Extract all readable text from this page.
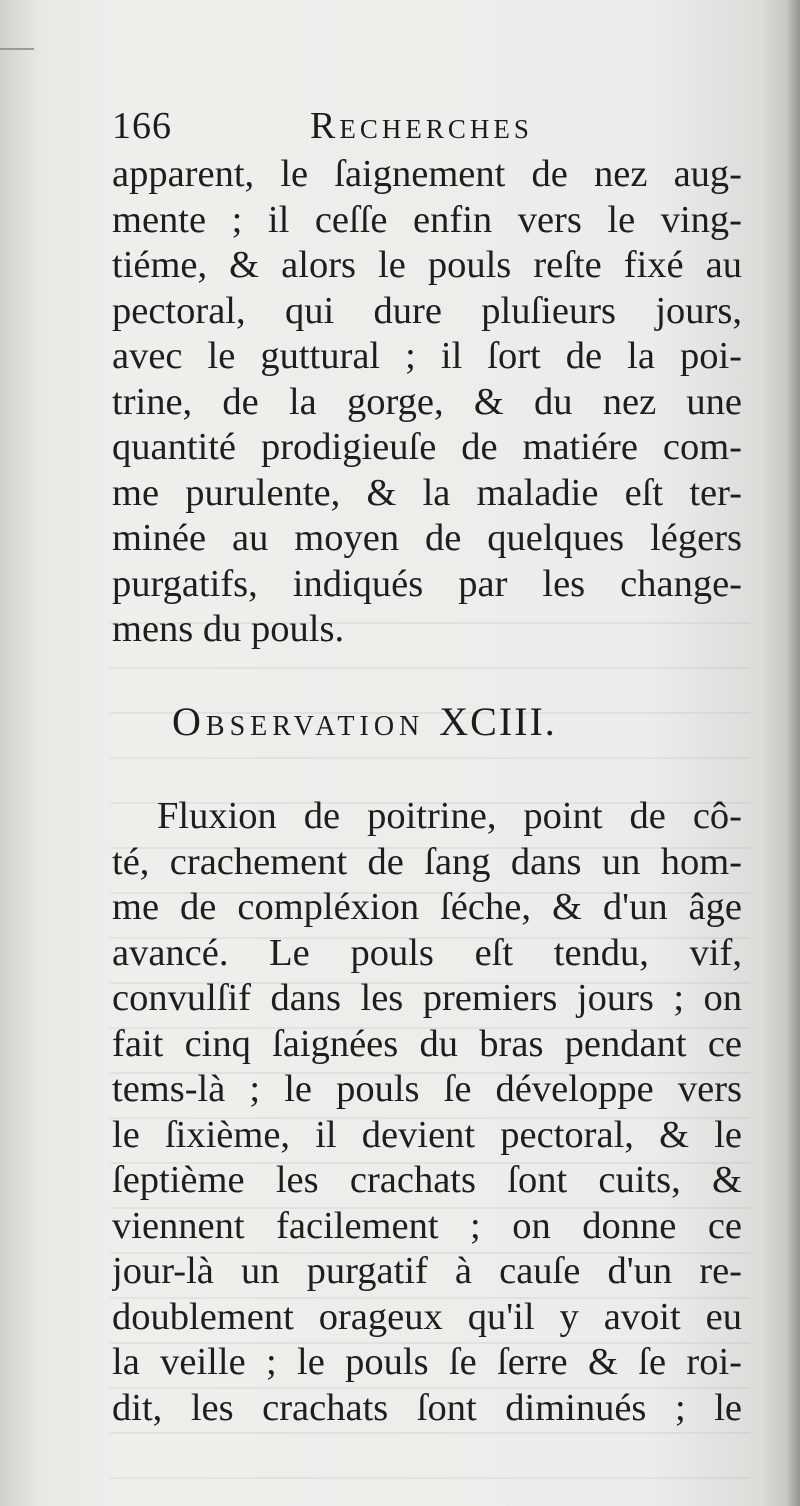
166	Recherches
apparent, le ſaignement de nez aug-
mente ; il ceſſe enfin vers le ving-
tiéme, & alors le pouls reſte fixé au
pectoral, qui dure pluſieurs jours,
avec le guttural ; il ſort de la poi-
trine, de la gorge, & du nez une
quantité prodigieuſe de matiére com-
me purulente, & la maladie eſt ter-
minée au moyen de quelques légers
purgatifs, indiqués par les change-
mens du pouls.
Observation XCIII.
Fluxion de poitrine, point de cô-
té, crachement de ſang dans un hom-
me de compléxion ſéche, & d'un âge
avancé. Le pouls eſt tendu, vif,
convulſif dans les premiers jours ; on
fait cinq ſaignées du bras pendant ce
tems-là ; le pouls ſe développe vers
le ſixième, il devient pectoral, & le
ſeptième les crachats ſont cuits, &
viennent facilement ; on donne ce
jour-là un purgatif à cauſe d'un re-
doublement orageux qu'il y avoit eu
la veille ; le pouls ſe ſerre & ſe roi-
dit, les crachats ſont diminués ; le
